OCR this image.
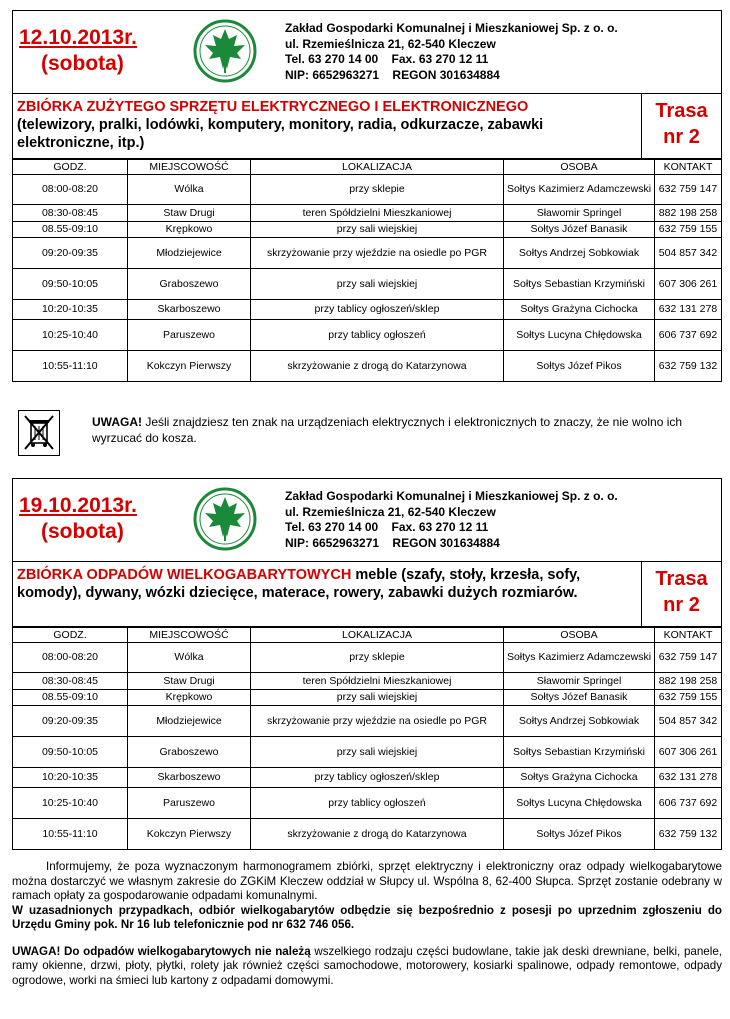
12.10.2013r.
(sobota)
Zakład Gospodarki Komunalnej i Mieszkaniowej Sp. z o. o.
ul. Rzemieślnicza 21, 62-540 Kleczew
Tel. 63 270 14 00    Fax. 63 270 12 11
NIP: 6652963271    REGON 301634884
ZBIÓRKA ZUŻYTEGO SPRZĘTU ELEKTRYCZNEGO I ELEKTRONICZNEGO
(telewizory, pralki, lodówki, komputery, monitory, radia, odkurzacze, zabawki elektroniczne, itp.)
Trasa
nr 2
GODZ.	MIEJSCOWOŚĆ	LOKALIZACJA	OSOBA	KONTAKT
08:00-08:20	Wólka	przy sklepie	Sołtys Kazimierz Adamczewski	632 759 147
08:30-08:45	Staw Drugi	teren Spółdzielni Mieszkaniowej	Sławomir Springel	882 198 258
08.55-09:10	Krępkowo	przy sali wiejskiej	Sołtys Józef Banasik	632 759 155
09:20-09:35	Młodziejewice	skrzyżowanie przy wjeździe na osiedle po PGR	Sołtys Andrzej Sobkowiak	504 857 342
09:50-10:05	Graboszewo	przy sali wiejskiej	Sołtys Sebastian Krzymiński	607 306 261
10:20-10:35	Skarboszewo	przy tablicy ogłoszeń/sklep	Sołtys Grażyna Cichocka	632 131 278
10:25-10:40	Paruszewo	przy tablicy ogłoszeń	Sołtys Lucyna Chłędowska	606 737 692
10:55-11:10	Kokczyn Pierwszy	skrzyżowanie z drogą do Katarzynowa	Sołtys Józef Pikos	632 759 132
UWAGA! Jeśli znajdziesz ten znak na urządzeniach elektrycznych i elektronicznych to znaczy, że nie wolno ich wyrzucać do kosza.
19.10.2013r.
(sobota)
Zakład Gospodarki Komunalnej i Mieszkaniowej Sp. z o. o.
ul. Rzemieślnicza 21, 62-540 Kleczew
Tel. 63 270 14 00    Fax. 63 270 12 11
NIP: 6652963271    REGON 301634884
ZBIÓRKA ODPADÓW WIELKOGABARYTOWYCH meble (szafy, stoły, krzesła, sofy, komody), dywany, wózki dziecięce, materace, rowery, zabawki dużych rozmiarów.
Trasa
nr 2
GODZ.	MIEJSCOWOŚĆ	LOKALIZACJA	OSOBA	KONTAKT
08:00-08:20	Wólka	przy sklepie	Sołtys Kazimierz Adamczewski	632 759 147
08:30-08:45	Staw Drugi	teren Spółdzielni Mieszkaniowej	Sławomir Springel	882 198 258
08.55-09:10	Krępkowo	przy sali wiejskiej	Sołtys Józef Banasik	632 759 155
09:20-09:35	Młodziejewice	skrzyżowanie przy wjeździe na osiedle po PGR	Sołtys Andrzej Sobkowiak	504 857 342
09:50-10:05	Graboszewo	przy sali wiejskiej	Sołtys Sebastian Krzymiński	607 306 261
10:20-10:35	Skarboszewo	przy tablicy ogłoszeń/sklep	Sołtys Grażyna Cichocka	632 131 278
10:25-10:40	Paruszewo	przy tablicy ogłoszeń	Sołtys Lucyna Chłędowska	606 737 692
10:55-11:10	Kokczyn Pierwszy	skrzyżowanie z drogą do Katarzynowa	Sołtys Józef Pikos	632 759 132

Informujemy, że poza wyznaczonym harmonogramem zbiórki, sprzęt elektryczny i elektroniczny oraz odpady wielkogabarytowe można dostarczyć we własnym zakresie do ZGKiM Kleczew oddział w Słupcy ul. Wspólna 8, 62-400 Słupca. Sprzęt zostanie odebrany w ramach opłaty za gospodarowanie odpadami komunalnymi.

W uzasadnionych przypadkach, odbiór wielkogabarytów odbędzie się bezpośrednio z posesji po uprzednim zgłoszeniu do Urzędu Gminy pok. Nr 16 lub telefonicznie pod nr 632 746 056.

UWAGA! Do odpadów wielkogabarytowych nie należą wszelkiego rodzaju części budowlane, takie jak deski drewniane, belki, panele, ramy okienne, drzwi, płoty, płytki, rolety jak również części samochodowe, motorowery, kosiarki spalinowe, odpady remontowe, odpady ogrodowe, worki na śmieci lub kartony z odpadami domowymi.
